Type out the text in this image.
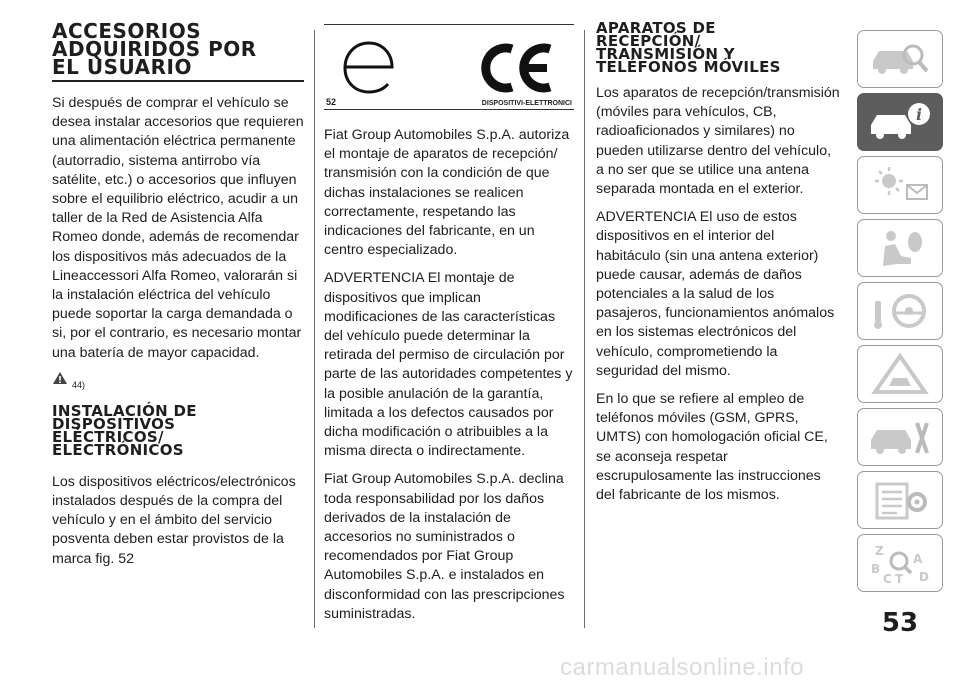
ACCESORIOS
ADQUIRIDOS POR
EL USUARIO

Si después de comprar el vehículo se desea instalar accesorios que requieren una alimentación eléctrica permanente (autorradio, sistema antirrobo vía satélite, etc.) o accesorios que influyen sobre el equilibrio eléctrico, acudir a un taller de la Red de Asistencia Alfa Romeo donde, además de recomendar los dispositivos más adecuados de la Lineaccessori Alfa Romeo, valorarán si la instalación eléctrica del vehículo puede soportar la carga demandada o si, por el contrario, es necesario montar una batería de mayor capacidad.

44)
INSTALACIÓN DE
DISPOSITIVOS
ELÉCTRICOS/
ELECTRÓNICOS

Los dispositivos eléctricos/electrónicos instalados después de la compra del vehículo y en el ámbito del servicio posventa deben estar provistos de la marca fig. 52

52	DISPOSITIVI-ELETTRONICI

Fiat Group Automobiles S.p.A. autoriza el montaje de aparatos de recepción/ transmisión con la condición de que dichas instalaciones se realicen correctamente, respetando las indicaciones del fabricante, en un centro especializado.

ADVERTENCIA El montaje de dispositivos que implican modificaciones de las características del vehículo puede determinar la retirada del permiso de circulación por parte de las autoridades competentes y la posible anulación de la garantía, limitada a los defectos causados por dicha modificación o atribuibles a la misma directa o indirectamente.

Fiat Group Automobiles S.p.A. declina toda responsabilidad por los daños derivados de la instalación de accesorios no suministrados o recomendados por Fiat Group Automobiles S.p.A. e instalados en disconformidad con las prescripciones suministradas.

APARATOS DE
RECEPCIÓN/
TRANSMISIÓN Y
TELÉFONOS MÓVILES

Los aparatos de recepción/transmisión (móviles para vehículos, CB, radioaficionados y similares) no pueden utilizarse dentro del vehículo, a no ser que se utilice una antena separada montada en el exterior.

ADVERTENCIA El uso de estos dispositivos en el interior del habitáculo (sin una antena exterior) puede causar, además de daños potenciales a la salud de los pasajeros, funcionamientos anómalos en los sistemas electrónicos del vehículo, comprometiendo la seguridad del mismo.

En lo que se refiere al empleo de teléfonos móviles (GSM, GPRS, UMTS) con homologación oficial CE, se aconseja respetar escrupulosamente las instrucciones del fabricante de los mismos.

i
Z
A
B
C T D
53
carmanualsonline.info
